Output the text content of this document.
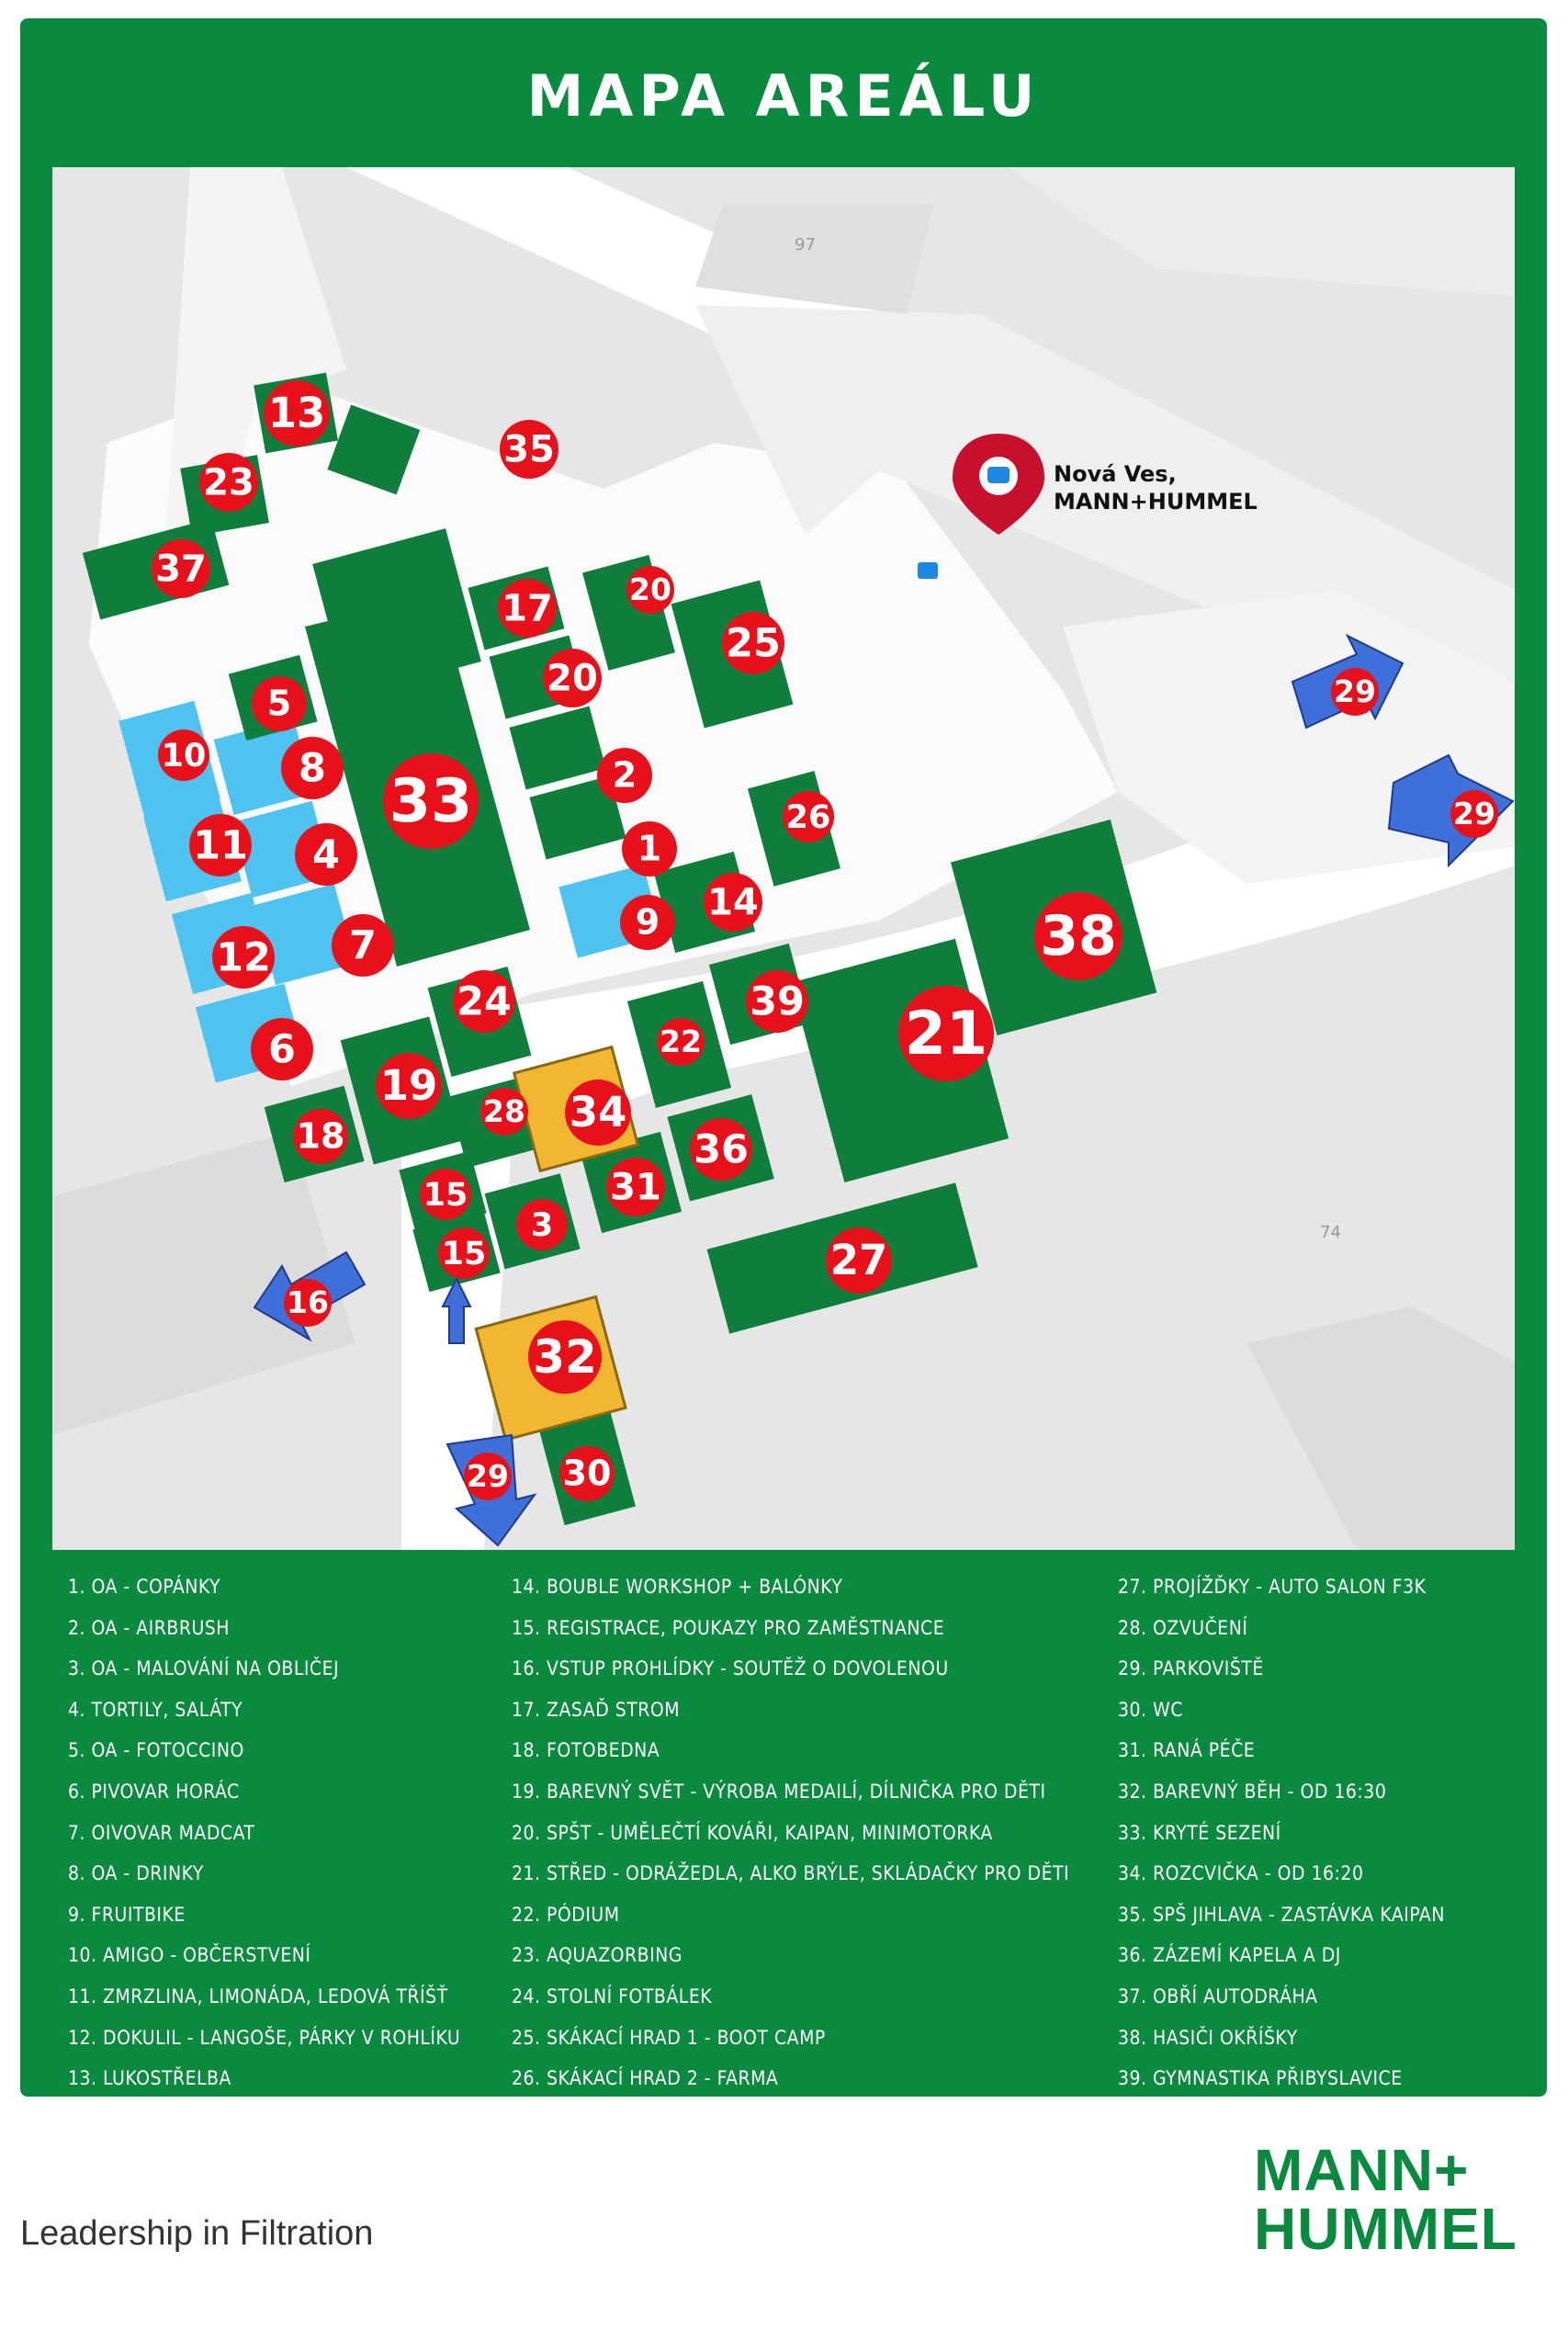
MAPA AREÁLU
97
74
Nová Ves,
MANN+HUMMEL
1
2
3
4
5
6
7
8
9
10
11
12
13
14
15
15
16
17
18
19
20
20
21
22
23
24
25
26
27
28
29
29
29 30
31
32
33
34
35
36
37
38
39
1. OA - COPÁNKY
2. OA - AIRBRUSH
3. OA - MALOVÁNÍ NA OBLIČEJ
4. TORTILY, SALÁTY
5. OA - FOTOCCINO
6. PIVOVAR HORÁC
7. OIVOVAR MADCAT
8. OA - DRINKY
9. FRUITBIKE
10. AMIGO - OBČERSTVENÍ
11. ZMRZLINA, LIMONÁDA, LEDOVÁ TŘÍŠŤ
12. DOKULIL - LANGOŠE, PÁRKY V ROHLÍKU
13. LUKOSTŘELBA
14. BOUBLE WORKSHOP + BALÓNKY
15. REGISTRACE, POUKAZY PRO ZAMĚSTNANCE
16. VSTUP PROHLÍDKY - SOUTĚŽ O DOVOLENOU
17. ZASAĎ STROM
18. FOTOBEDNA
19. BAREVNÝ SVĚT - VÝROBA MEDAILÍ, DÍLNIČKA PRO DĚTI
20. SPŠT - UMĚLEČTÍ KOVÁŘI, KAIPAN, MINIMOTORKA
21. STŘED - ODRÁŽEDLA, ALKO BRÝLE, SKLÁDAČKY PRO DĚTI
22. PÓDIUM
23. AQUAZORBING
24. STOLNÍ FOTBÁLEK
25. SKÁKACÍ HRAD 1 - BOOT CAMP
26. SKÁKACÍ HRAD 2 - FARMA
27. PROJÍŽĎKY - AUTO SALON F3K
28. OZVUČENÍ
29. PARKOVIŠTĚ
30. WC
31. RANÁ PÉČE
32. BAREVNÝ BĚH - OD 16:30
33. KRYTÉ SEZENÍ
34. ROZCVIČKA - OD 16:20
35. SPŠ JIHLAVA - ZASTÁVKA KAIPAN
36. ZÁZEMÍ KAPELA A DJ
37. OBŘÍ AUTODRÁHA
38. HASIČI OKŘÍŠKY
39. GYMNASTIKA PŘIBYSLAVICE
Leadership in Filtration
MANN+
HUMMEL
